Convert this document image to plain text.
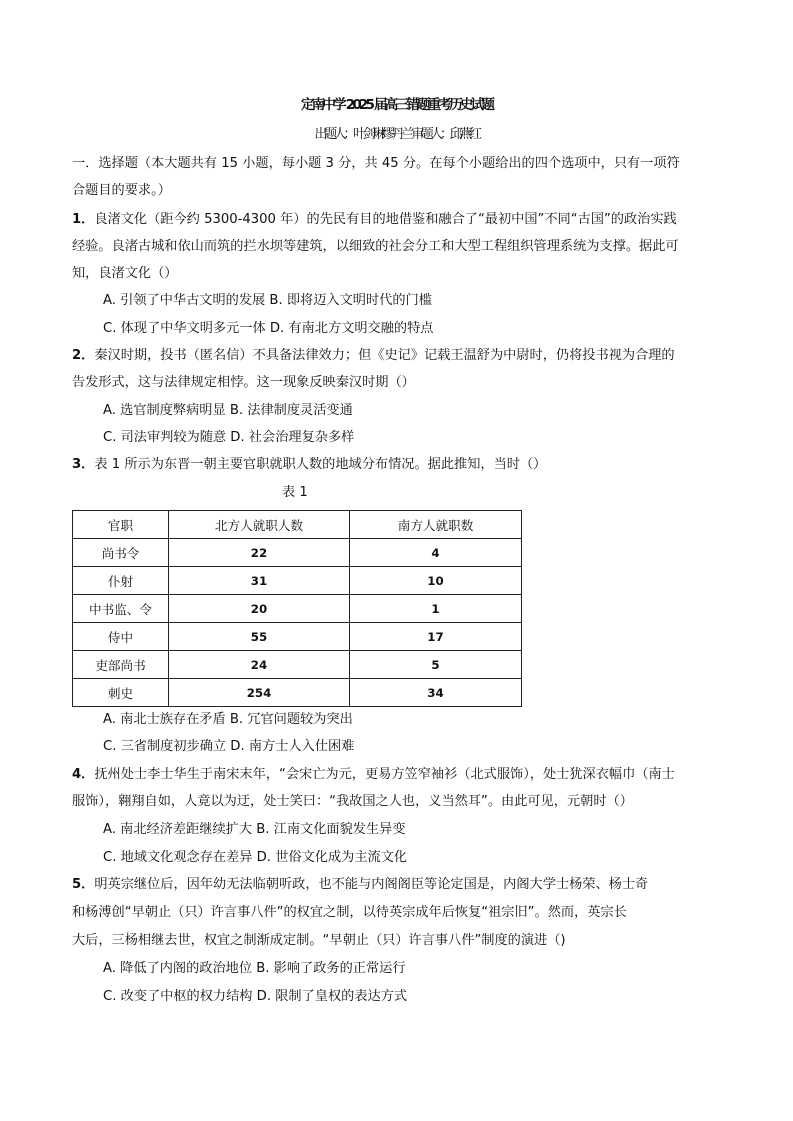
定南中学 2025 届高三错题重考历史试题
出题人：叶剑琳缪丹兰审题人：邱燕红
一．选择题（本大题共有 15 小题，每小题 3 分，共 45 分。在每个小题给出的四个选项中，只有一项符
合题目的要求。）
1．良渚文化（距今约 5300-4300 年）的先民有目的地借鉴和融合了“最初中国”不同“古国”的政治实践
经验。良渚古城和依山而筑的拦水坝等建筑，以细致的社会分工和大型工程组织管理系统为支撑。据此可
知，良渚文化（）
A. 引领了中华古文明的发展 B. 即将迈入文明时代的门槛
C. 体现了中华文明多元一体 D. 有南北方文明交融的特点
2．秦汉时期，投书（匿名信）不具备法律效力；但《史记》记载王温舒为中尉时，仍将投书视为合理的
告发形式，这与法律规定相悖。这一现象反映秦汉时期（）
A. 选官制度弊病明显 B. 法律制度灵活变通
C. 司法审判较为随意 D. 社会治理复杂多样
3．表 1 所示为东晋一朝主要官职就职人数的地域分布情况。据此推知，当时（）
表 1
官职	北方人就职人数	南方人就职数
尚书令	22	4
仆射	31	10
中书监、令	20	1
侍中	55	17
吏部尚书	24	5
刺史	254	34
A. 南北士族存在矛盾 B. 冗官问题较为突出
C. 三省制度初步确立 D. 南方士人入仕困难
4．抚州处士李士华生于南宋末年，“会宋亡为元，更易方笠窄袖衫（北式服饰），处士犹深衣幅巾（南士
服饰），翱翔自如，人竟以为迂，处士笑曰：“我故国之人也，义当然耳”。由此可见，元朝时（）
A. 南北经济差距继续扩大 B. 江南文化面貌发生异变
C. 地域文化观念存在差异 D. 世俗文化成为主流文化
5．明英宗继位后，因年幼无法临朝听政，也不能与内阁阁臣等论定国是，内阁大学士杨荣、杨士奇
和杨溥创“早朝止（只）许言事八件”的权宜之制，以待英宗成年后恢复“祖宗旧”。然而，英宗长
大后，三杨相继去世，权宜之制渐成定制。“早朝止（只）许言事八件”制度的演进（)
A. 降低了内阁的政治地位 B. 影响了政务的正常运行
C. 改变了中枢的权力结构 D. 限制了皇权的表达方式
